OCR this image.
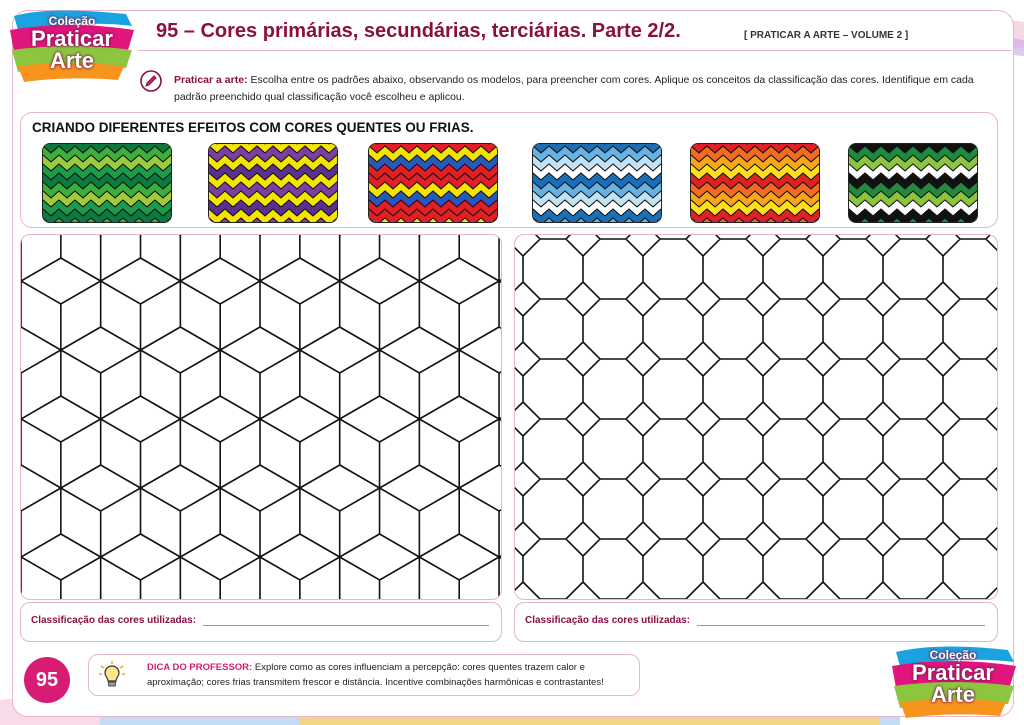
Coleção
Praticar
Arte
95 – Cores primárias, secundárias, terciárias. Parte 2/2.	[ PRATICAR A ARTE – VOLUME 2 ]
Praticar a arte: Escolha entre os padrões abaixo, observando os modelos, para preencher com cores. Aplique os conceitos da classificação das cores. Identifique em cada padrão preenchido qual classificação você escolheu e aplicou.
CRIANDO DIFERENTES EFEITOS COM CORES QUENTES OU FRIAS.
Classificação das cores utilizadas:	Classificação das cores utilizadas:
95
DICA DO PROFESSOR: Explore como as cores influenciam a percepção: cores quentes trazem calor e aproximação; cores frias transmitem frescor e distância. Incentive combinações harmônicas e contrastantes!
Coleção
Praticar
Arte
